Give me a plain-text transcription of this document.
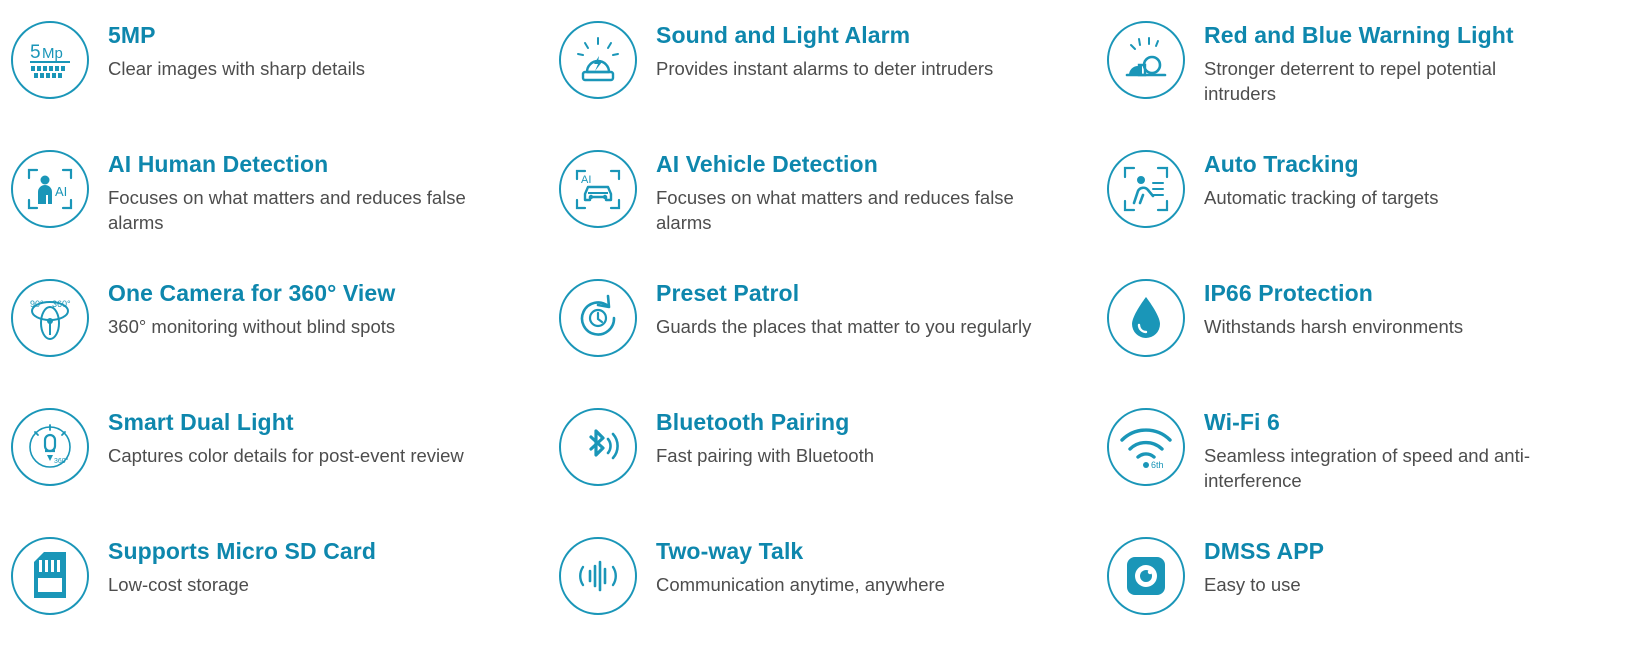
5 Mp

5MP

Clear images with sharp details

Sound and Light Alarm

Provides instant alarms to deter intruders

Red and Blue Warning Light

Stronger deterrent to repel potential intruders

AI

AI Human Detection

Focuses on what matters and reduces false alarms

AI

AI Vehicle Detection

Focuses on what matters and reduces false alarms

Auto Tracking

Automatic tracking of targets

90° 360° One Camera for 360° View

360° monitoring without blind spots

Preset Patrol

Guards the places that matter to you regularly

IP66 Protection

Withstands harsh environments

360°

Smart Dual Light

Captures color details for post-event review

Bluetooth Pairing

Fast pairing with Bluetooth	6th

Wi-Fi 6

Seamless integration of speed and anti-interference

Supports Micro SD Card

Low-cost storage

Two-way Talk

Communication anytime, anywhere

DMSS APP

Easy to use
